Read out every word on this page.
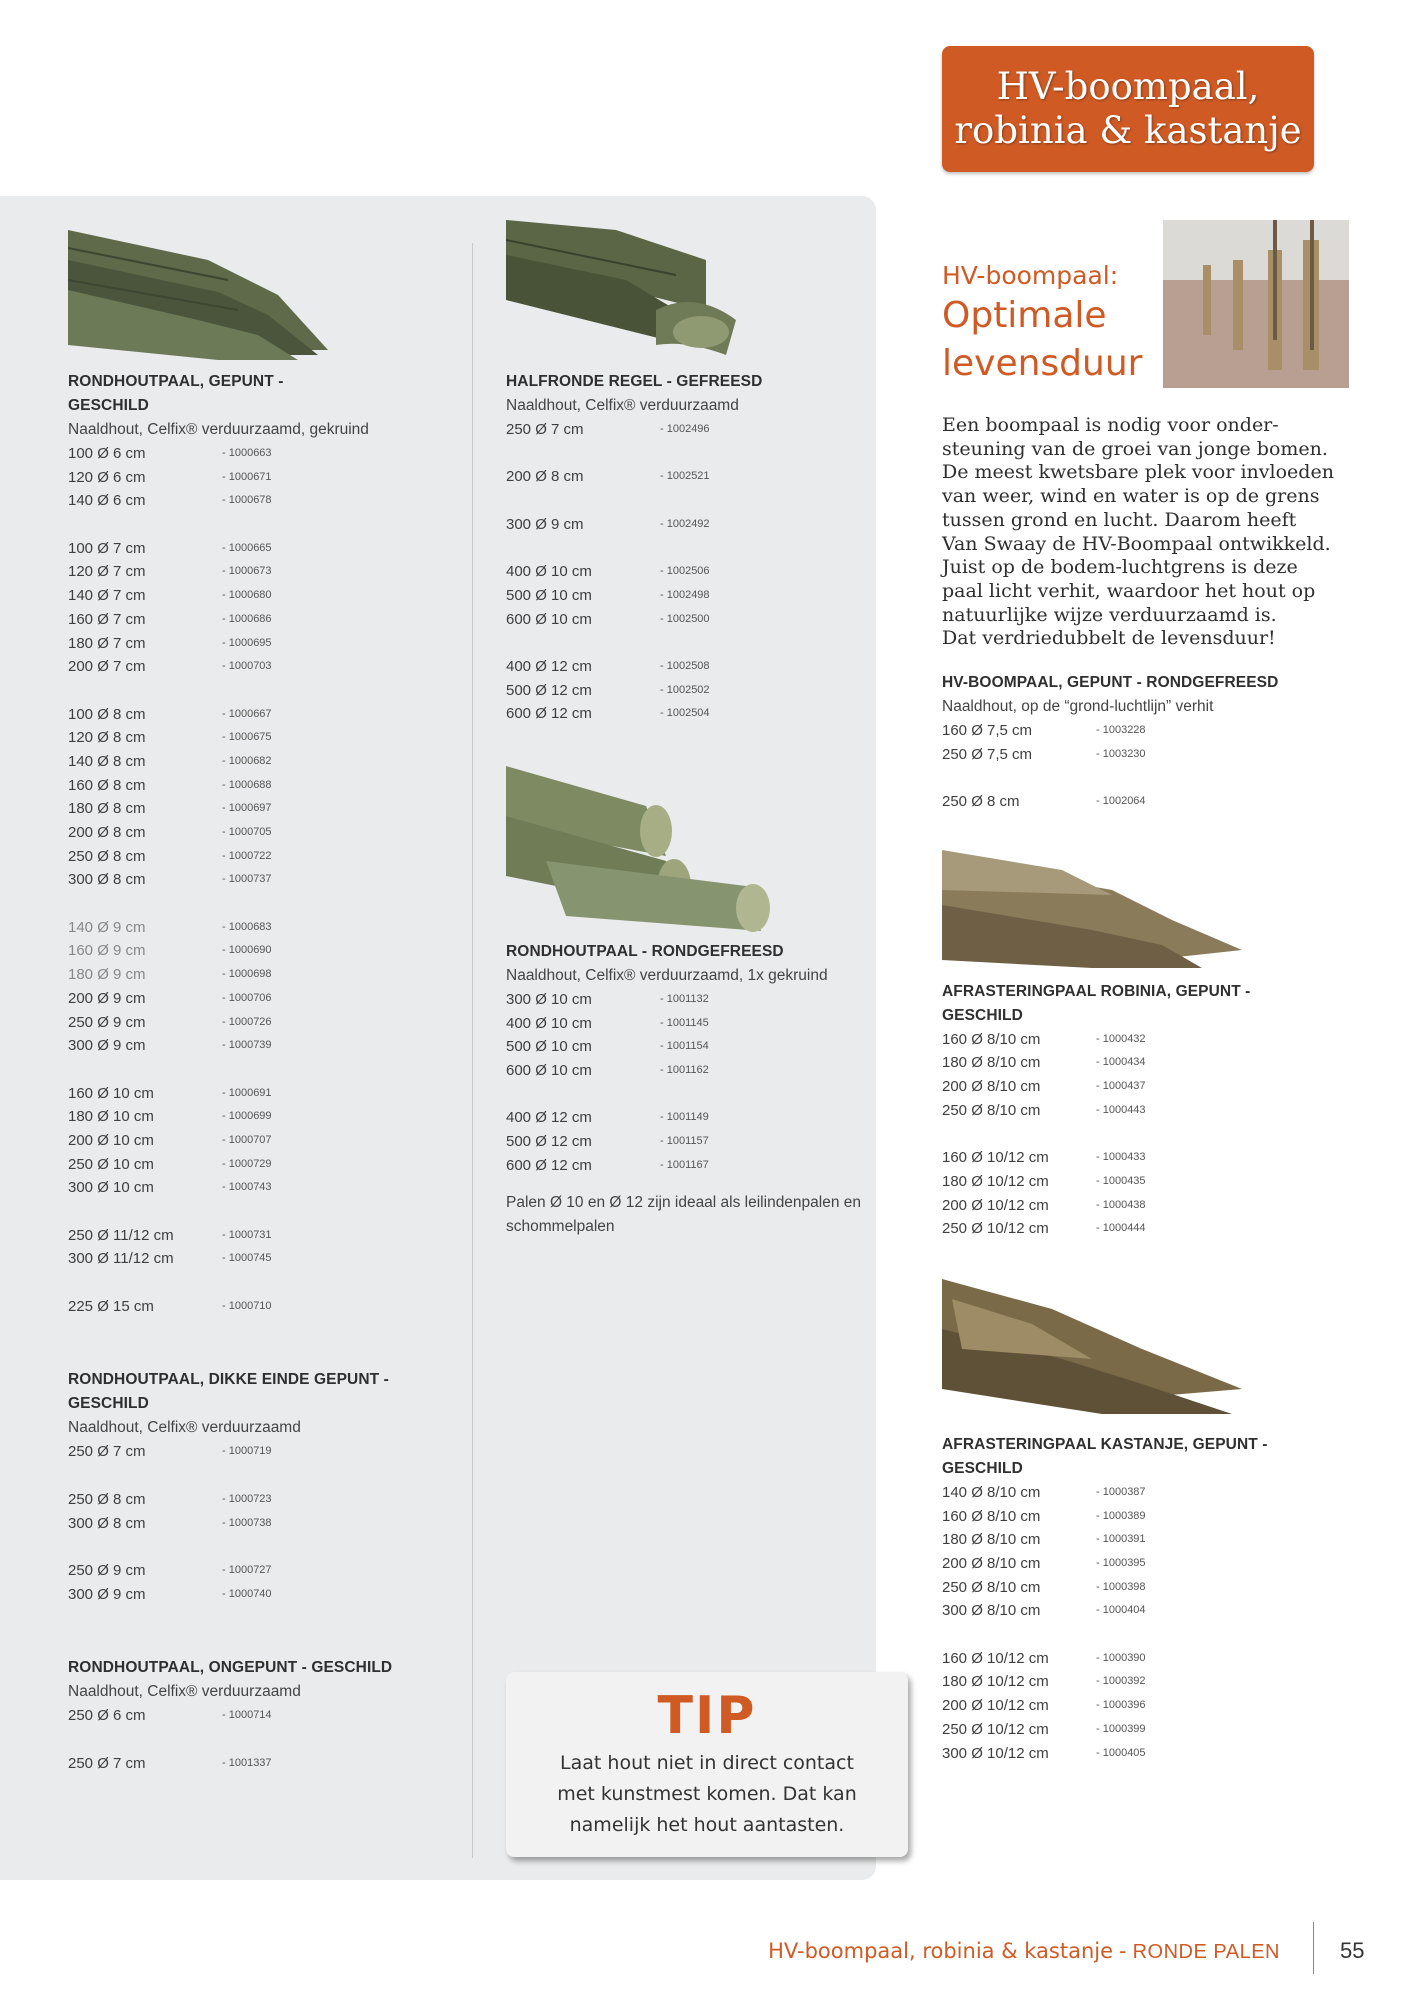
HV-boompaal,
robinia & kastanje

RONDHOUTPAAL, GEPUNT -
GESCHILD

Naaldhout, Celfix® verduurzaamd, gekruind

100 Ø 6 cm	- 1000663
120 Ø 6 cm	- 1000671
140 Ø 6 cm	- 1000678
100 Ø 7 cm	- 1000665
120 Ø 7 cm	- 1000673
140 Ø 7 cm	- 1000680
160 Ø 7 cm	- 1000686
180 Ø 7 cm	- 1000695
200 Ø 7 cm	- 1000703
100 Ø 8 cm	- 1000667
120 Ø 8 cm	- 1000675
140 Ø 8 cm	- 1000682
160 Ø 8 cm	- 1000688
180 Ø 8 cm	- 1000697
200 Ø 8 cm	- 1000705
250 Ø 8 cm	- 1000722
300 Ø 8 cm	- 1000737
140 Ø 9 cm	- 1000683
160 Ø 9 cm	- 1000690
180 Ø 9 cm	- 1000698
200 Ø 9 cm	- 1000706
250 Ø 9 cm	- 1000726
300 Ø 9 cm	- 1000739
160 Ø 10 cm	- 1000691
180 Ø 10 cm	- 1000699
200 Ø 10 cm	- 1000707
250 Ø 10 cm	- 1000729
300 Ø 10 cm	- 1000743
250 Ø 11/12 cm	- 1000731
300 Ø 11/12 cm	- 1000745
225 Ø 15 cm	- 1000710

RONDHOUTPAAL, DIKKE EINDE GEPUNT -
GESCHILD

Naaldhout, Celfix® verduurzaamd

250 Ø 7 cm	- 1000719
250 Ø 8 cm	- 1000723
300 Ø 8 cm	- 1000738
250 Ø 9 cm	- 1000727
300 Ø 9 cm	- 1000740

RONDHOUTPAAL, ONGEPUNT - GESCHILD

Naaldhout, Celfix® verduurzaamd

250 Ø 6 cm	- 1000714
250 Ø 7 cm	- 1001337

HALFRONDE REGEL - GEFREESD

Naaldhout, Celfix® verduurzaamd

250 Ø 7 cm	- 1002496
200 Ø 8 cm	- 1002521
300 Ø 9 cm	- 1002492
400 Ø 10 cm	- 1002506
500 Ø 10 cm	- 1002498
600 Ø 10 cm	- 1002500
400 Ø 12 cm	- 1002508
500 Ø 12 cm	- 1002502
600 Ø 12 cm	- 1002504

RONDHOUTPAAL - RONDGEFREESD

Naaldhout, Celfix® verduurzaamd, 1x gekruind

300 Ø 10 cm	- 1001132
400 Ø 10 cm	- 1001145
500 Ø 10 cm	- 1001154
600 Ø 10 cm	- 1001162
400 Ø 12 cm	- 1001149
500 Ø 12 cm	- 1001157
600 Ø 12 cm	- 1001167
Palen Ø 10 en Ø 12 zijn ideaal als leilindenpalen en schommelpalen

HV-boompaal:

Optimale
levensduur

Een boompaal is nodig voor onder-
steuning van de groei van jonge bomen.
De meest kwetsbare plek voor invloeden
van weer, wind en water is op de grens
tussen grond en lucht. Daarom heeft
Van Swaay de HV-Boompaal ontwikkeld.
Juist op de bodem-luchtgrens is deze
paal licht verhit, waardoor het hout op
natuurlijke wijze verduurzaamd is.
Dat verdriedubbelt de levensduur!

HV-BOOMPAAL, GEPUNT - RONDGEFREESD

Naaldhout, op de “grond-luchtlijn” verhit

160 Ø 7,5 cm	- 1003228
250 Ø 7,5 cm	- 1003230
250 Ø 8 cm	- 1002064

AFRASTERINGPAAL ROBINIA, GEPUNT -
GESCHILD

160 Ø 8/10 cm	- 1000432
180 Ø 8/10 cm	- 1000434
200 Ø 8/10 cm	- 1000437
250 Ø 8/10 cm	- 1000443
160 Ø 10/12 cm	- 1000433
180 Ø 10/12 cm	- 1000435
200 Ø 10/12 cm	- 1000438
250 Ø 10/12 cm	- 1000444

AFRASTERINGPAAL KASTANJE, GEPUNT -
GESCHILD

140 Ø 8/10 cm	- 1000387
160 Ø 8/10 cm	- 1000389
180 Ø 8/10 cm	- 1000391
200 Ø 8/10 cm	- 1000395
250 Ø 8/10 cm	- 1000398
300 Ø 8/10 cm	- 1000404
160 Ø 10/12 cm	- 1000390
180 Ø 10/12 cm	- 1000392
200 Ø 10/12 cm	- 1000396
250 Ø 10/12 cm	- 1000399
300 Ø 10/12 cm	- 1000405
TIP
Laat hout niet in direct contact
met kunstmest komen. Dat kan
namelijk het hout aantasten.
HV-boompaal, robinia & kastanje - RONDE PALEN	55
